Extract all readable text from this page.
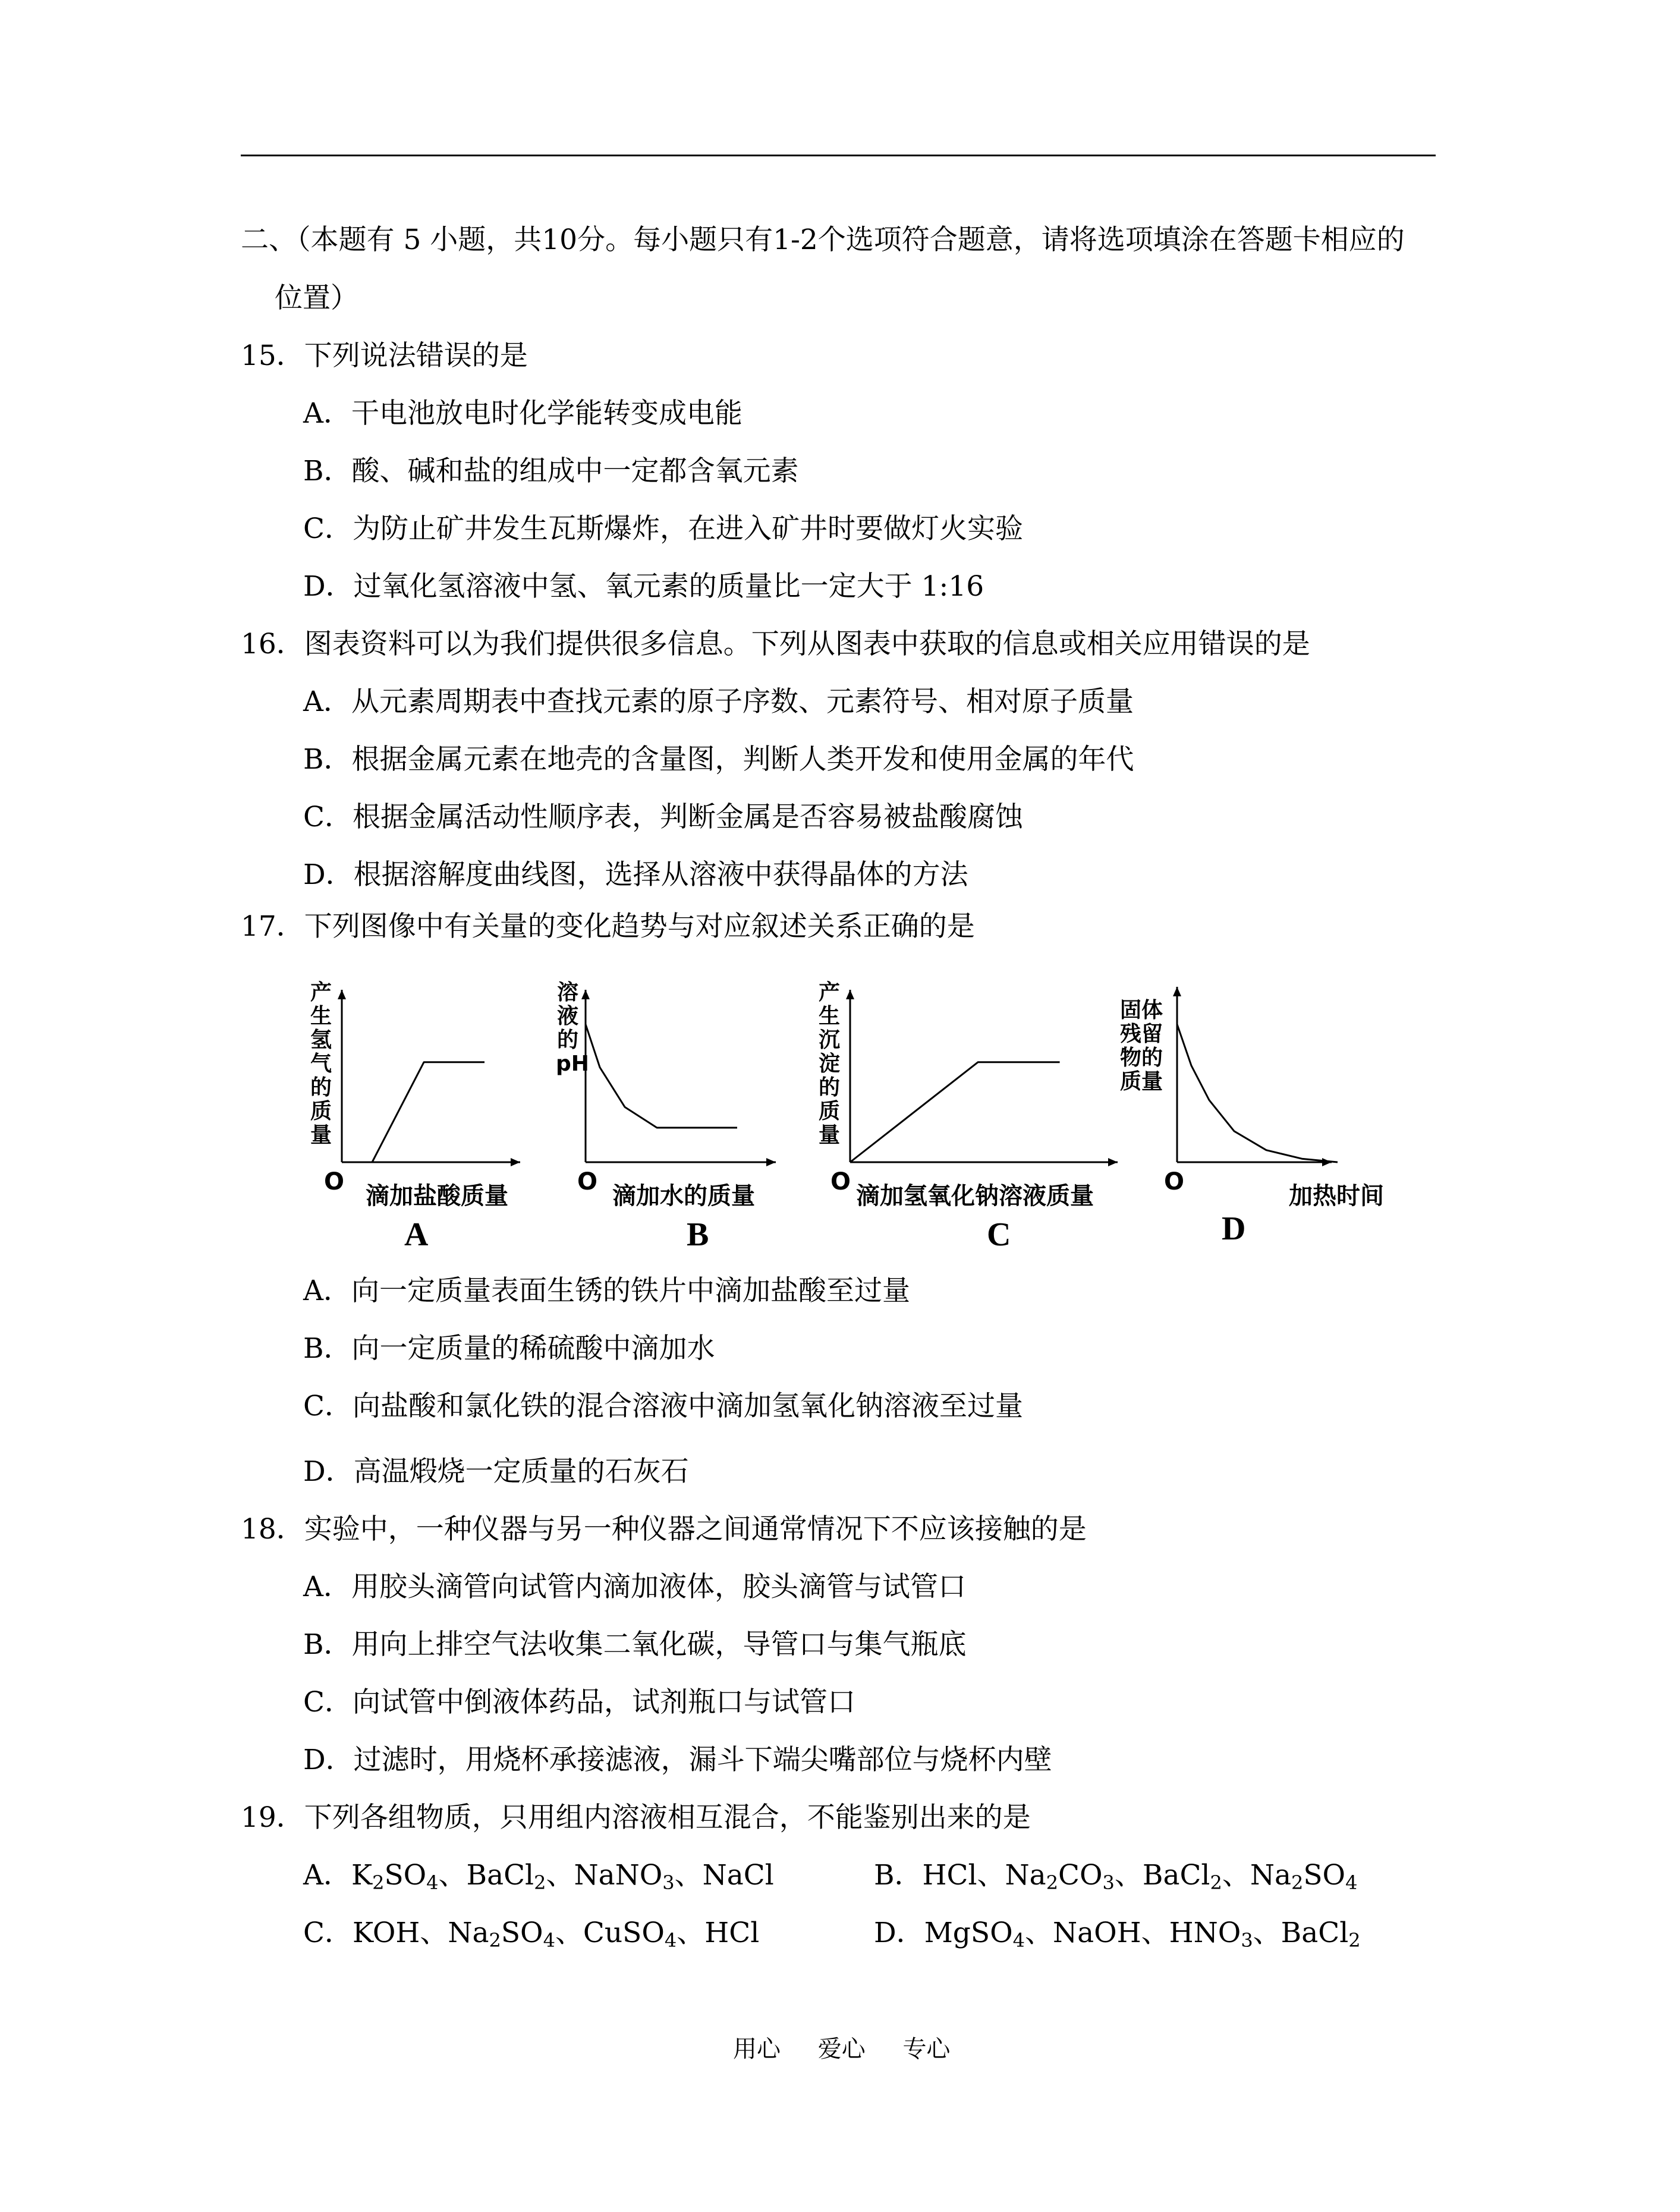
二、（本题有 5 小题，共10分。每小题只有1-2个选项符合题意，请将选项填涂在答题卡相应的
位置）
15．下列说法错误的是
A．干电池放电时化学能转变成电能
B．酸、碱和盐的组成中一定都含氧元素
C．为防止矿井发生瓦斯爆炸，在进入矿井时要做灯火实验
D．过氧化氢溶液中氢、氧元素的质量比一定大于 1:16
16．图表资料可以为我们提供很多信息。下列从图表中获取的信息或相关应用错误的是
A．从元素周期表中查找元素的原子序数、元素符号、相对原子质量
B．根据金属元素在地壳的含量图，判断人类开发和使用金属的年代
C．根据金属活动性顺序表，判断金属是否容易被盐酸腐蚀
D．根据溶解度曲线图，选择从溶液中获得晶体的方法
17．下列图像中有关量的变化趋势与对应叙述关系正确的是
产生氢气的质量
O
滴加盐酸质量
A
溶液的pH
O
滴加水的质量
B
产生沉淀的质量
O
滴加氢氧化钠溶液质量
C
固体残留物的质量
O
加热时间
D
A．向一定质量表面生锈的铁片中滴加盐酸至过量
B．向一定质量的稀硫酸中滴加水
C．向盐酸和氯化铁的混合溶液中滴加氢氧化钠溶液至过量
D．高温煅烧一定质量的石灰石
18．实验中，一种仪器与另一种仪器之间通常情况下不应该接触的是
A．用胶头滴管向试管内滴加液体，胶头滴管与试管口
B．用向上排空气法收集二氧化碳，导管口与集气瓶底
C．向试管中倒液体药品，试剂瓶口与试管口
D．过滤时，用烧杯承接滤液，漏斗下端尖嘴部位与烧杯内壁
19．下列各组物质，只用组内溶液相互混合，不能鉴别出来的是
A．$K_2SO_4$、BaCl$_2$、NaNO$_3$、NaCl	B．HCl、$Na_2CO_3$、BaCl$_2$、$Na_2SO_4$
C．KOH、$Na_2SO_4$、CuSO$_4$、HCl	D．MgSO$_4$、NaOH、$HNO_3$、BaCl$_2$
用心 爱心 专心
